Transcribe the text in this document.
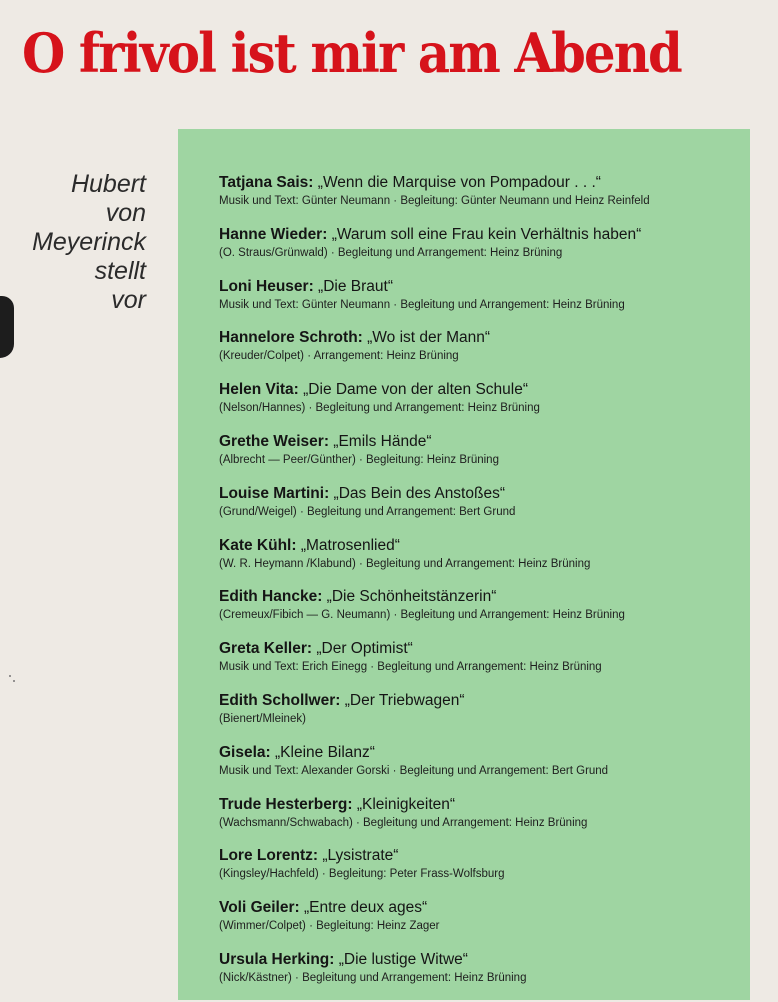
O frivol ist mir am Abend
Hubert
von
Meyerinck
stellt
vor
Tatjana Sais: „Wenn die Marquise von Pompadour . . .“
Musik und Text: Günter Neumann · Begleitung: Günter Neumann und Heinz Reinfeld
Hanne Wieder: „Warum soll eine Frau kein Verhältnis haben“
(O. Straus/Grünwald) · Begleitung und Arrangement: Heinz Brüning
Loni Heuser: „Die Braut“
Musik und Text: Günter Neumann · Begleitung und Arrangement: Heinz Brüning
Hannelore Schroth: „Wo ist der Mann“
(Kreuder/Colpet) · Arrangement: Heinz Brüning
Helen Vita: „Die Dame von der alten Schule“
(Nelson/Hannes) · Begleitung und Arrangement: Heinz Brüning
Grethe Weiser: „Emils Hände“
(Albrecht — Peer/Günther) · Begleitung: Heinz Brüning
Louise Martini: „Das Bein des Anstoßes“
(Grund/Weigel) · Begleitung und Arrangement: Bert Grund
Kate Kühl: „Matrosenlied“
(W. R. Heymann /Klabund) · Begleitung und Arrangement: Heinz Brüning
Edith Hancke: „Die Schönheitstänzerin“
(Cremeux/Fibich — G. Neumann) · Begleitung und Arrangement: Heinz Brüning
Greta Keller: „Der Optimist“
Musik und Text: Erich Einegg · Begleitung und Arrangement: Heinz Brüning
Edith Schollwer: „Der Triebwagen“
(Bienert/Mleinek)
Gisela: „Kleine Bilanz“
Musik und Text: Alexander Gorski · Begleitung und Arrangement: Bert Grund
Trude Hesterberg: „Kleinigkeiten“
(Wachsmann/Schwabach) · Begleitung und Arrangement: Heinz Brüning
Lore Lorentz: „Lysistrate“
(Kingsley/Hachfeld) · Begleitung: Peter Frass-Wolfsburg
Voli Geiler: „Entre deux ages“
(Wimmer/Colpet) · Begleitung: Heinz Zager
Ursula Herking: „Die lustige Witwe“
(Nick/Kästner) · Begleitung und Arrangement: Heinz Brüning
